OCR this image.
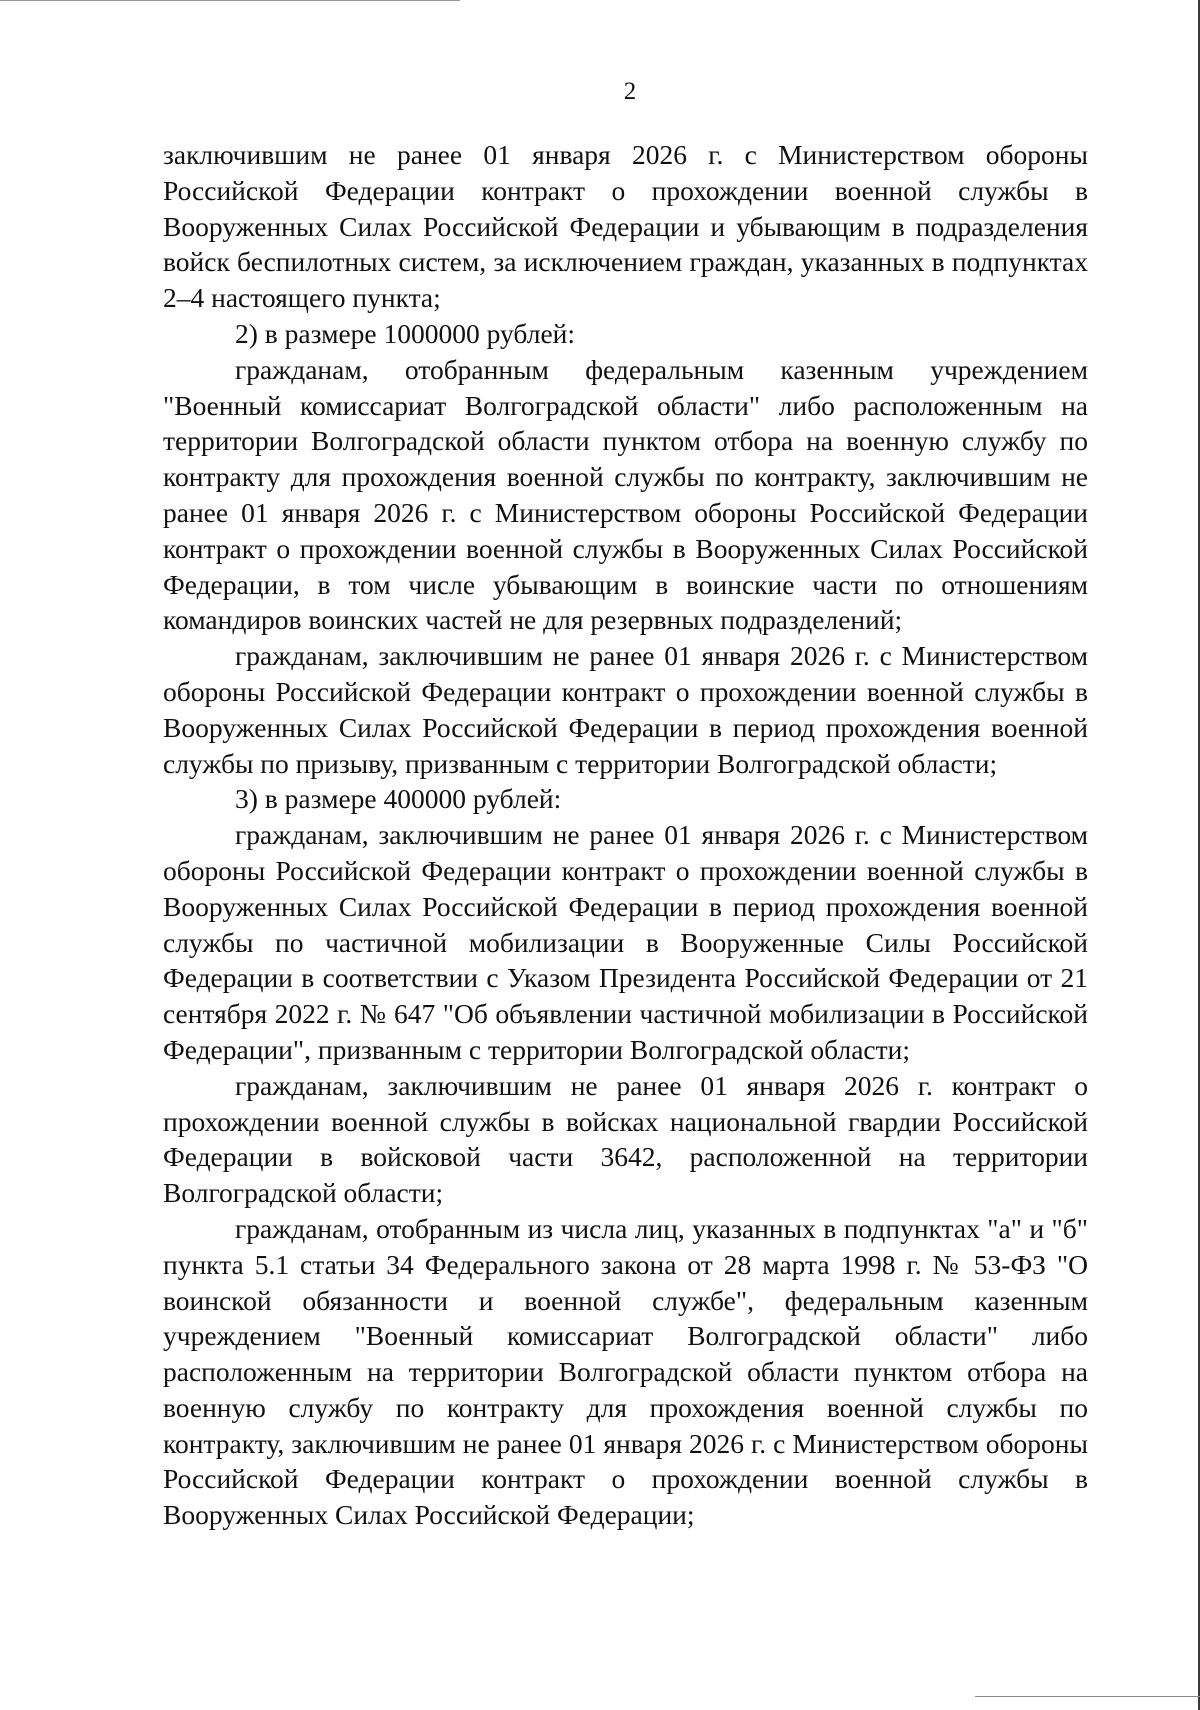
2

заключившим не ранее 01 января 2026 г. с Министерством обороны Российской Федерации контракт о прохождении военной службы в Вооруженных Силах Российской Федерации и убывающим в подразделения войск беспилотных систем, за исключением граждан, указанных в подпунктах 2–4 настоящего пункта;

2) в размере 1000000 рублей:

гражданам, отобранным федеральным казенным учреждением "Военный комиссариат Волгоградской области" либо расположенным на территории Волгоградской области пунктом отбора на военную службу по контракту для прохождения военной службы по контракту, заключившим не ранее 01 января 2026 г. с Министерством обороны Российской Федерации контракт о прохождении военной службы в Вооруженных Силах Российской Федерации, в том числе убывающим в воинские части по отношениям командиров воинских частей не для резервных подразделений;

гражданам, заключившим не ранее 01 января 2026 г. с Министерством обороны Российской Федерации контракт о прохождении военной службы в Вооруженных Силах Российской Федерации в период прохождения военной службы по призыву, призванным с территории Волгоградской области;

3) в размере 400000 рублей:

гражданам, заключившим не ранее 01 января 2026 г. с Министерством обороны Российской Федерации контракт о прохождении военной службы в Вооруженных Силах Российской Федерации в период прохождения военной службы по частичной мобилизации в Вооруженные Силы Российской Федерации в соответствии с Указом Президента Российской Федерации от 21 сентября 2022 г. № 647 "Об объявлении частичной мобилизации в Российской Федерации", призванным с территории Волгоградской области;

гражданам, заключившим не ранее 01 января 2026 г. контракт о прохождении военной службы в войсках национальной гвардии Российской Федерации в войсковой части 3642, расположенной на территории Волгоградской области;

гражданам, отобранным из числа лиц, указанных в подпунктах "а" и "б" пункта 5.1 статьи 34 Федерального закона от 28 марта 1998 г. № 53-ФЗ "О воинской обязанности и военной службе", федеральным казенным учреждением "Военный комиссариат Волгоградской области" либо расположенным на территории Волгоградской области пунктом отбора на военную службу по контракту для прохождения военной службы по контракту, заключившим не ранее 01 января 2026 г. с Министерством обороны Российской Федерации контракт о прохождении военной службы в Вооруженных Силах Российской Федерации;
